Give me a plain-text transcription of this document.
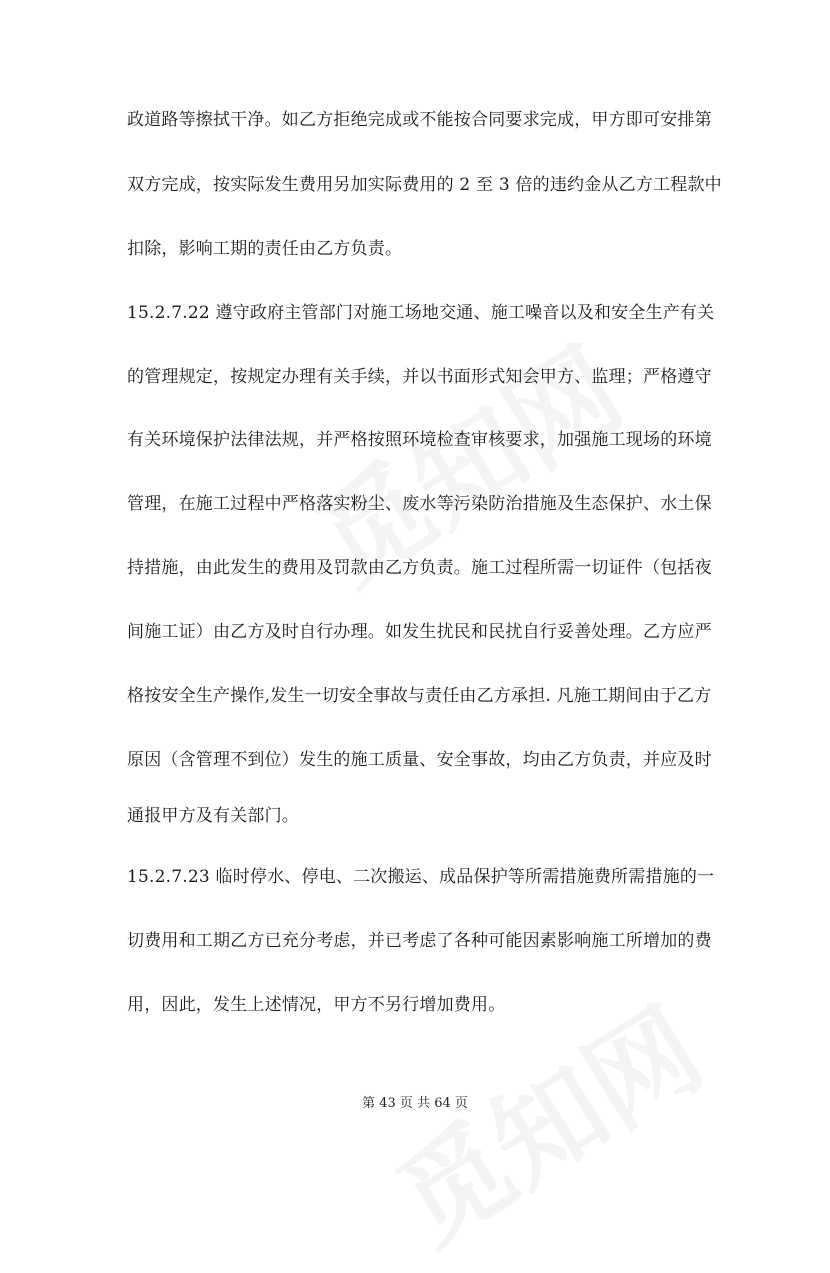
政道路等擦拭干净。如乙方拒绝完成或不能按合同要求完成，甲方即可安排第
双方完成，按实际发生费用另加实际费用的 2 至 3 倍的违约金从乙方工程款中
扣除，影响工期的责任由乙方负责。
15.2.7.22 遵守政府主管部门对施工场地交通、施工噪音以及和安全生产有关
的管理规定，按规定办理有关手续，并以书面形式知会甲方、监理；严格遵守
有关环境保护法律法规，并严格按照环境检查审核要求，加强施工现场的环境
管理，在施工过程中严格落实粉尘、废水等污染防治措施及生态保护、水土保
持措施，由此发生的费用及罚款由乙方负责。施工过程所需一切证件（包括夜
间施工证）由乙方及时自行办理。如发生扰民和民扰自行妥善处理。乙方应严
格按安全生产操作,发生一切安全事故与责任由乙方承担. 凡施工期间由于乙方
原因（含管理不到位）发生的施工质量、安全事故，均由乙方负责，并应及时
通报甲方及有关部门。
15.2.7.23 临时停水、停电、二次搬运、成品保护等所需措施费所需措施的一
切费用和工期乙方已充分考虑，并已考虑了各种可能因素影响施工所增加的费
用，因此，发生上述情况，甲方不另行增加费用。
第 43 页 共 64 页
